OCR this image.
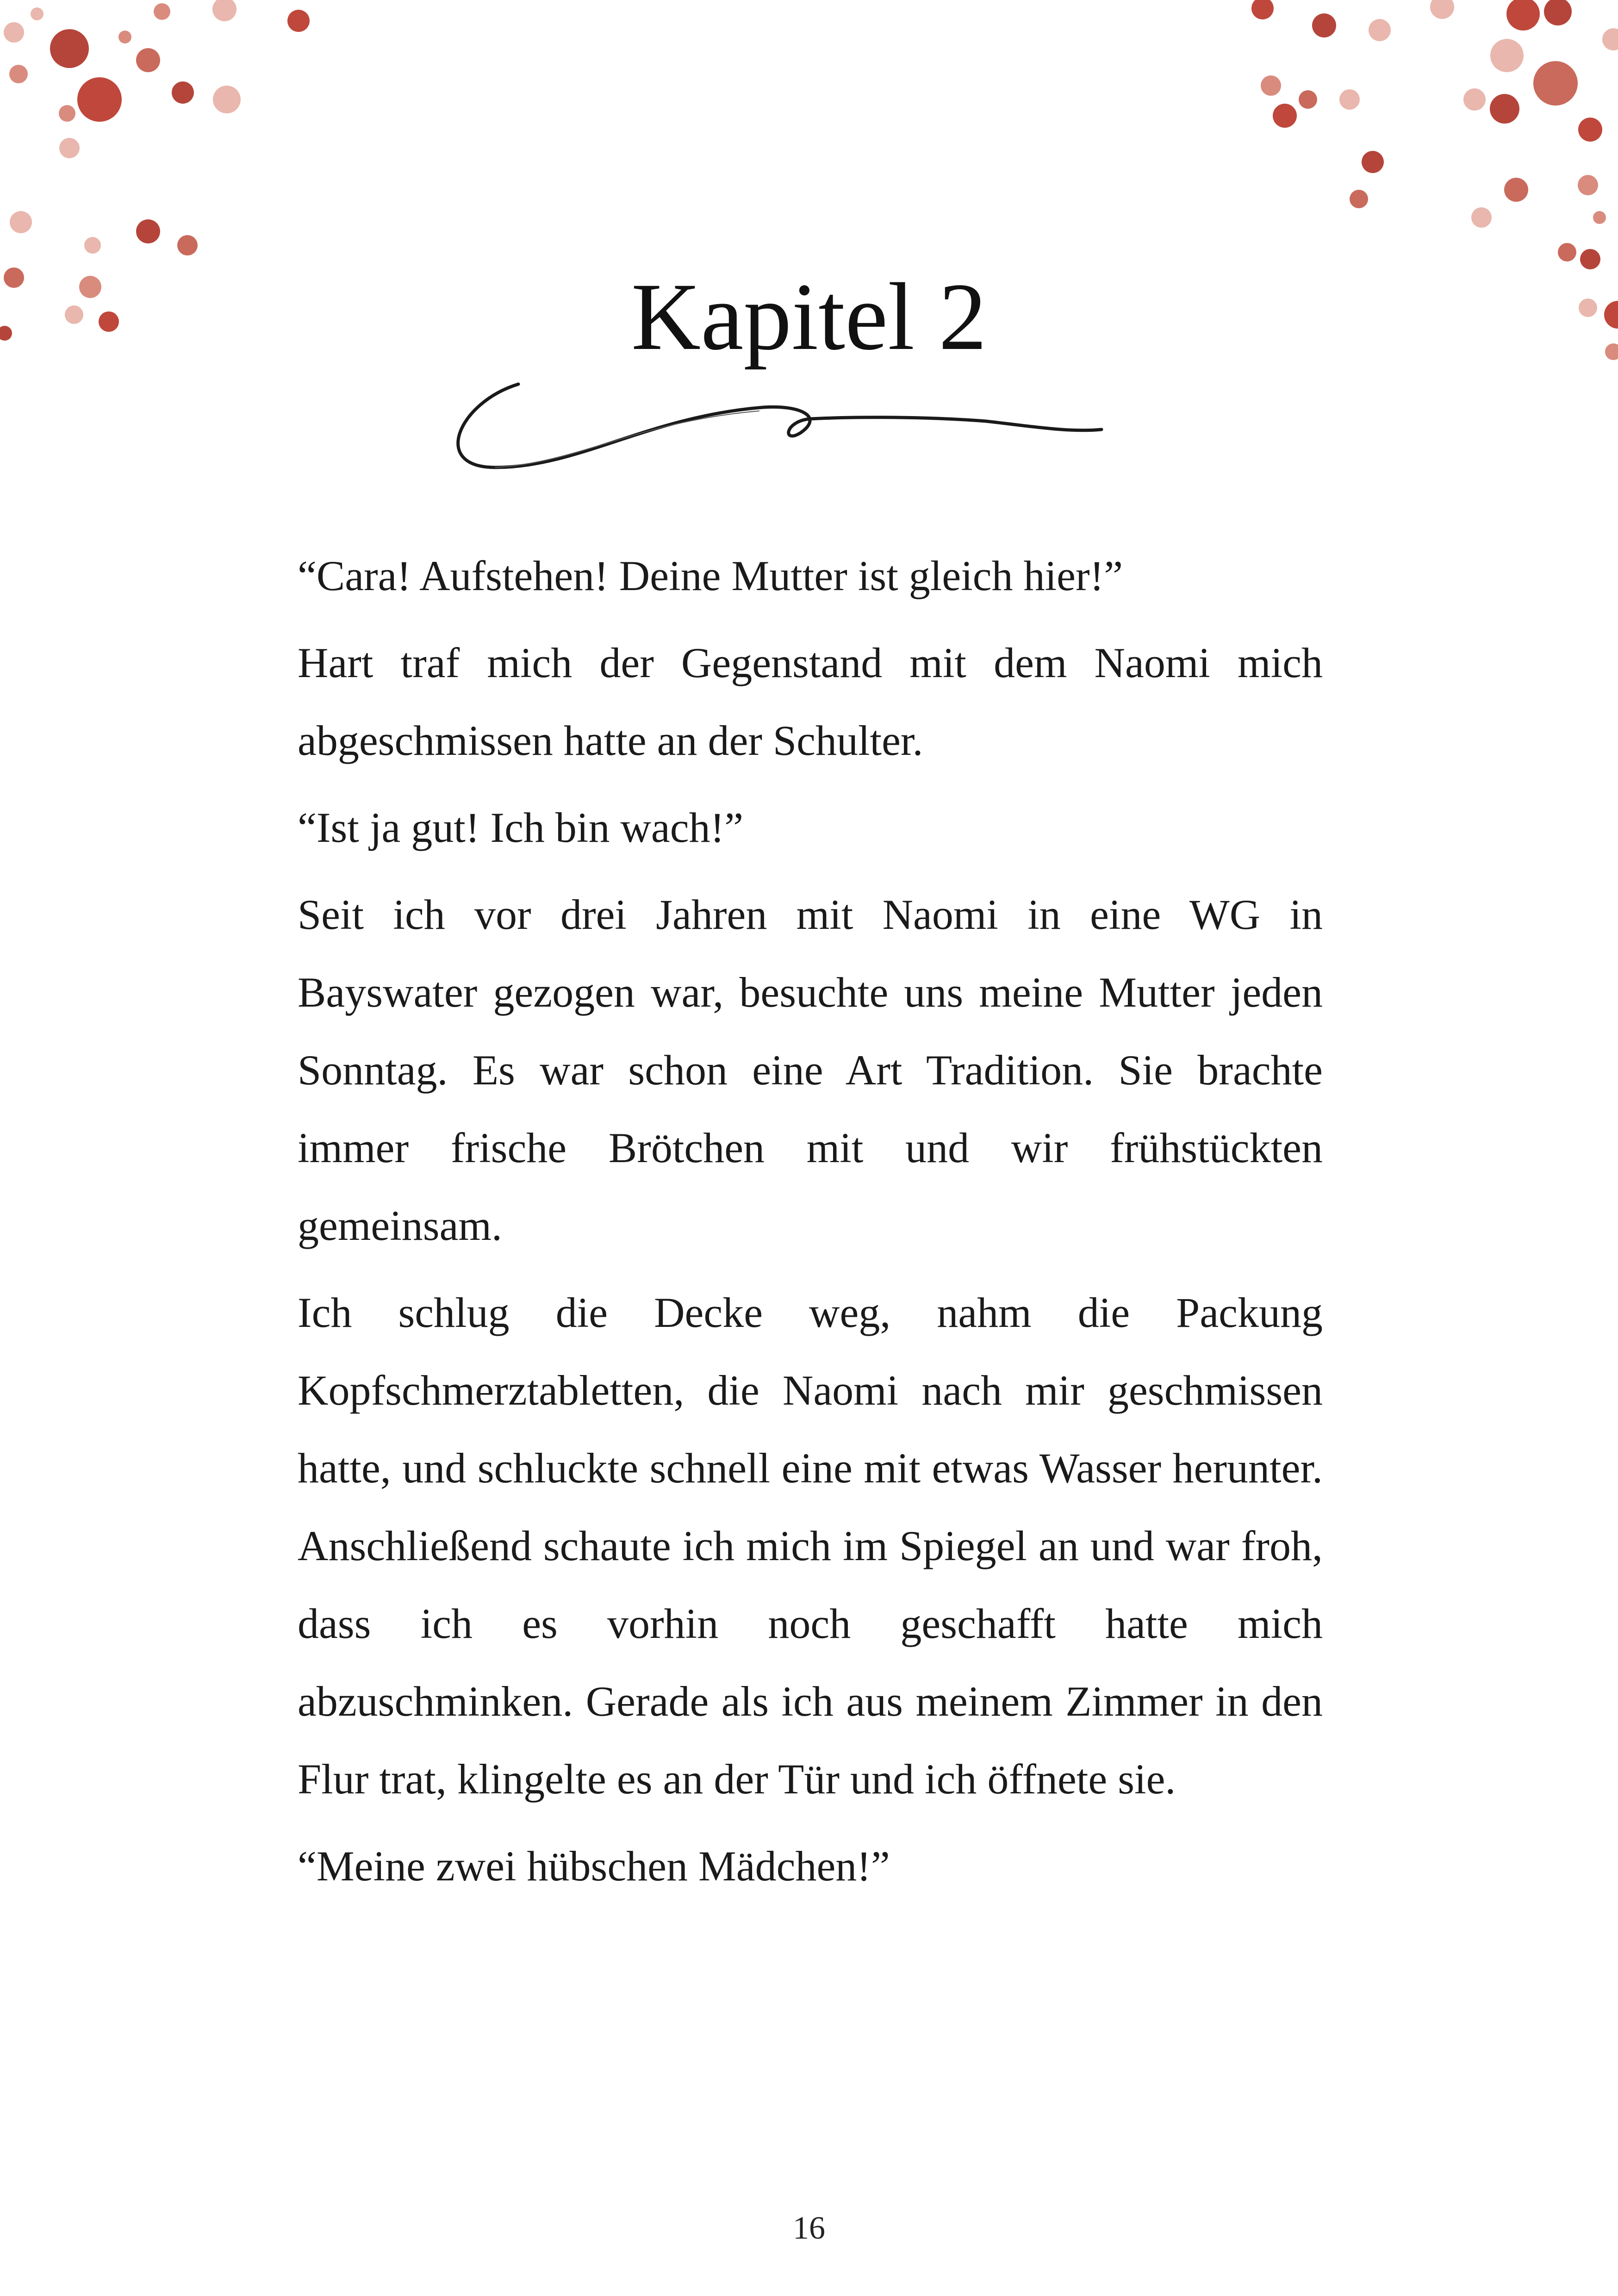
Kapitel 2

“Cara! Aufstehen! Deine Mutter ist gleich hier!”

Hart traf mich der Gegenstand mit dem Naomi mich abgeschmissen hatte an der Schulter.

“Ist ja gut! Ich bin wach!”

Seit ich vor drei Jahren mit Naomi in eine WG in Bayswater gezogen war, besuchte uns meine Mutter jeden Sonntag. Es war schon eine Art Tradition. Sie brachte immer frische Brötchen mit und wir frühstückten gemeinsam.

Ich schlug die Decke weg, nahm die Packung Kopfschmerztabletten, die Naomi nach mir geschmissen hatte, und schluckte schnell eine mit etwas Wasser herunter. Anschließend schaute ich mich im Spiegel an und war froh, dass ich es vorhin noch geschafft hatte mich abzuschminken. Gerade als ich aus meinem Zimmer in den Flur trat, klingelte es an der Tür und ich öffnete sie.

“Meine zwei hübschen Mädchen!”

16
